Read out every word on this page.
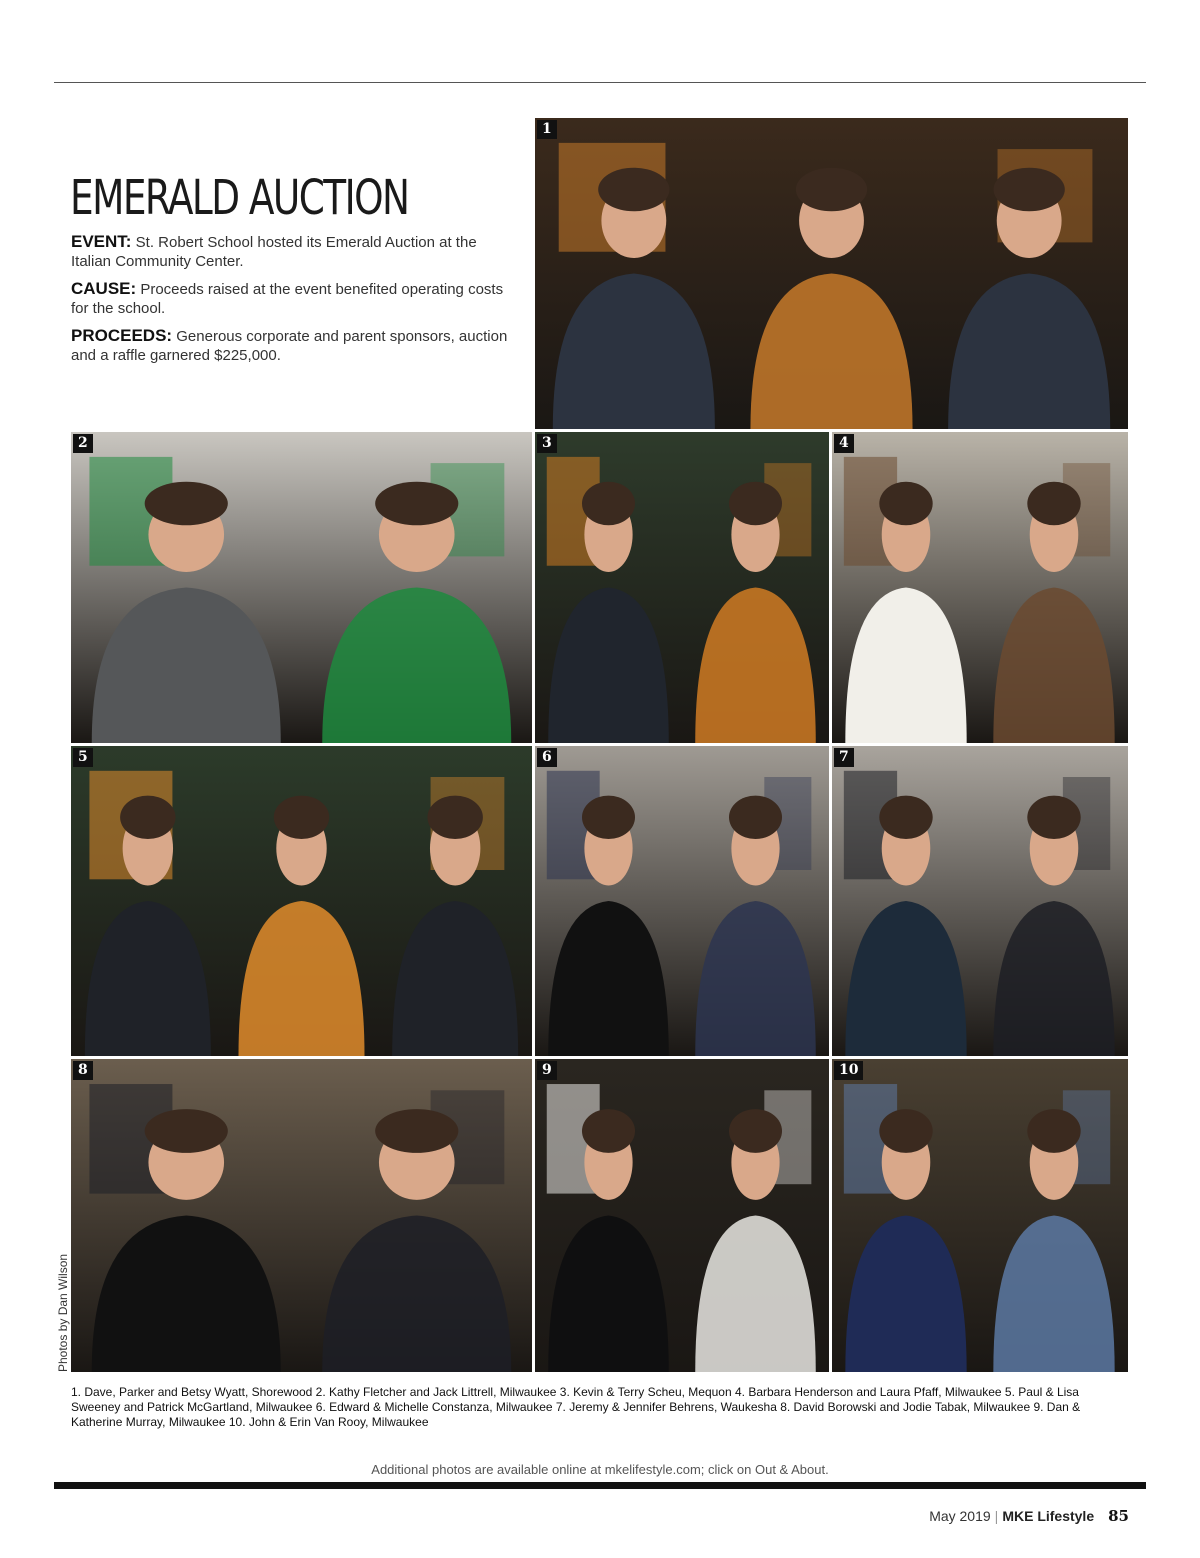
EMERALD AUCTION

EVENT: St. Robert School hosted its Emerald Auction at the Italian Community Center.

CAUSE: Proceeds raised at the event benefited operating costs for the school.

PROCEEDS: Generous corporate and parent sponsors, auction and a raffle garnered $225,000.

1
2	3	4
5	6	7
8	9	10
Photos by Dan Wilson

1. Dave, Parker and Betsy Wyatt, Shorewood 2. Kathy Fletcher and Jack Littrell, Milwaukee 3. Kevin & Terry Scheu, Mequon 4. Barbara Henderson and Laura Pfaff, Milwaukee 5. Paul & Lisa Sweeney and Patrick McGartland, Milwaukee 6. Edward & Michelle Constanza, Milwaukee 7. Jeremy & Jennifer Behrens, Waukesha 8. David Borowski and Jodie Tabak, Milwaukee 9. Dan & Katherine Murray, Milwaukee 10. John & Erin Van Rooy, Milwaukee

Additional photos are available online at mkelifestyle.com; click on Out & About.
May 2019 | MKE Lifestyle 85
